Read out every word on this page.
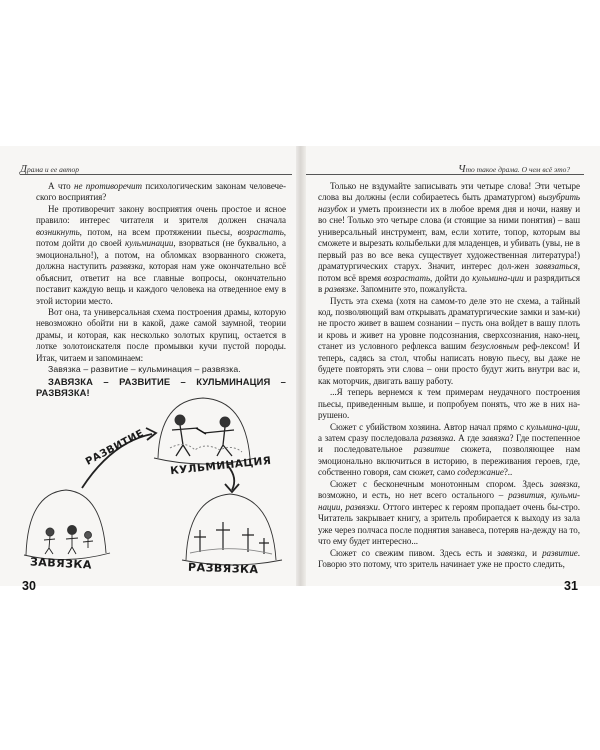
Драма и ее автор

А что не противоречит психологическим законам человече-ского восприятия?

Не противоречит закону восприятия очень простое и ясное правило: интерес читателя и зрителя должен сначала возникнуть, потом, на всем протяжении пьесы, возрастать, потом дойти до своей кульминации, взорваться (не буквально, а эмоционально!), а потом, на обломках взорванного сюжета, должна наступить развязка, которая нам уже окончательно всё объяснит, ответит на все главные вопросы, окончательно поставит каждую вещь и каждого человека на отведенное ему в этой истории место.

Вот она, та универсальная схема построения драмы, которую невозможно обойти ни в какой, даже самой заумной, теории драмы, и которая, как несколько золотых крупиц, остается в лотке золотоискателя после промывки кучи пустой породы. Итак, читаем и запоминаем:

Завязка – развитие – кульминация – развязка.

ЗАВЯЗКА – РАЗВИТИЕ – КУЛЬМИНАЦИЯ – РАЗВЯЗКА!

РАЗВИТИЕ КУЛЬМИНАЦИЯ
ЗАВЯЗКА	РАЗВЯЗКА
30
Что такое драма. О чем всё это?

Только не вздумайте записывать эти четыре слова! Эти четыре слова вы должны (если собираетесь быть драматургом) вызубрить назубок и уметь произнести их в любое время дня и ночи, наяву и во сне! Только это четыре слова (и стоящие за ними понятия) – ваш универсальный инструмент, вам, если хотите, топор, которым вы сможете и вырезать колыбельки для младенцев, и убивать (увы, не в первый раз во все века существует художественная литература!) драматургических старух. Значит, интерес дол-жен завязаться, потом всё время возрастать, дойти до кульмина-ции и разрядиться в развязке. Запомните это, пожалуйста.

Пусть эта схема (хотя на самом-то деле это не схема, а тайный код, позволяющий вам открывать драматургические замки и зам-ки) не просто живет в вашем сознании – пусть она войдет в вашу плоть и кровь и живет на уровне подсознания, сверхсознания, нако-нец, станет из условного рефлекса вашим безусловным реф-лексом! И теперь, садясь за стол, чтобы написать новую пьесу, вы даже не будете повторять эти слова – они просто будут жить внутри вас и, как моторчик, двигать вашу работу.

...Я теперь вернемся к тем примерам неудачного построения пьесы, приведенным выше, и попробуем понять, что же в них на-рушено.

Сюжет с убийством хозяина. Автор начал прямо с кульмина-ции, а затем сразу последовала развязка. А где завязка? Где постепенное и последовательное развитие сюжета, позволяющее нам эмоционально включиться в историю, в переживания героев, где, собственно говоря, сам сюжет, само содержание?..

Сюжет с бесконечным монотонным спором. Здесь завязка, возможно, и есть, но нет всего остального – развития, кульми-нации, развязки. Оттого интерес к героям пропадает очень бы-стро. Читатель закрывает книгу, а зритель пробирается к выходу из зала уже через полчаса после поднятия занавеса, потеряв на-дежду на то, что ему будет интересно...

Сюжет со свежим пивом. Здесь есть и завязка, и развитие. Говорю это потому, что зритель начинает уже не просто следить,

31
